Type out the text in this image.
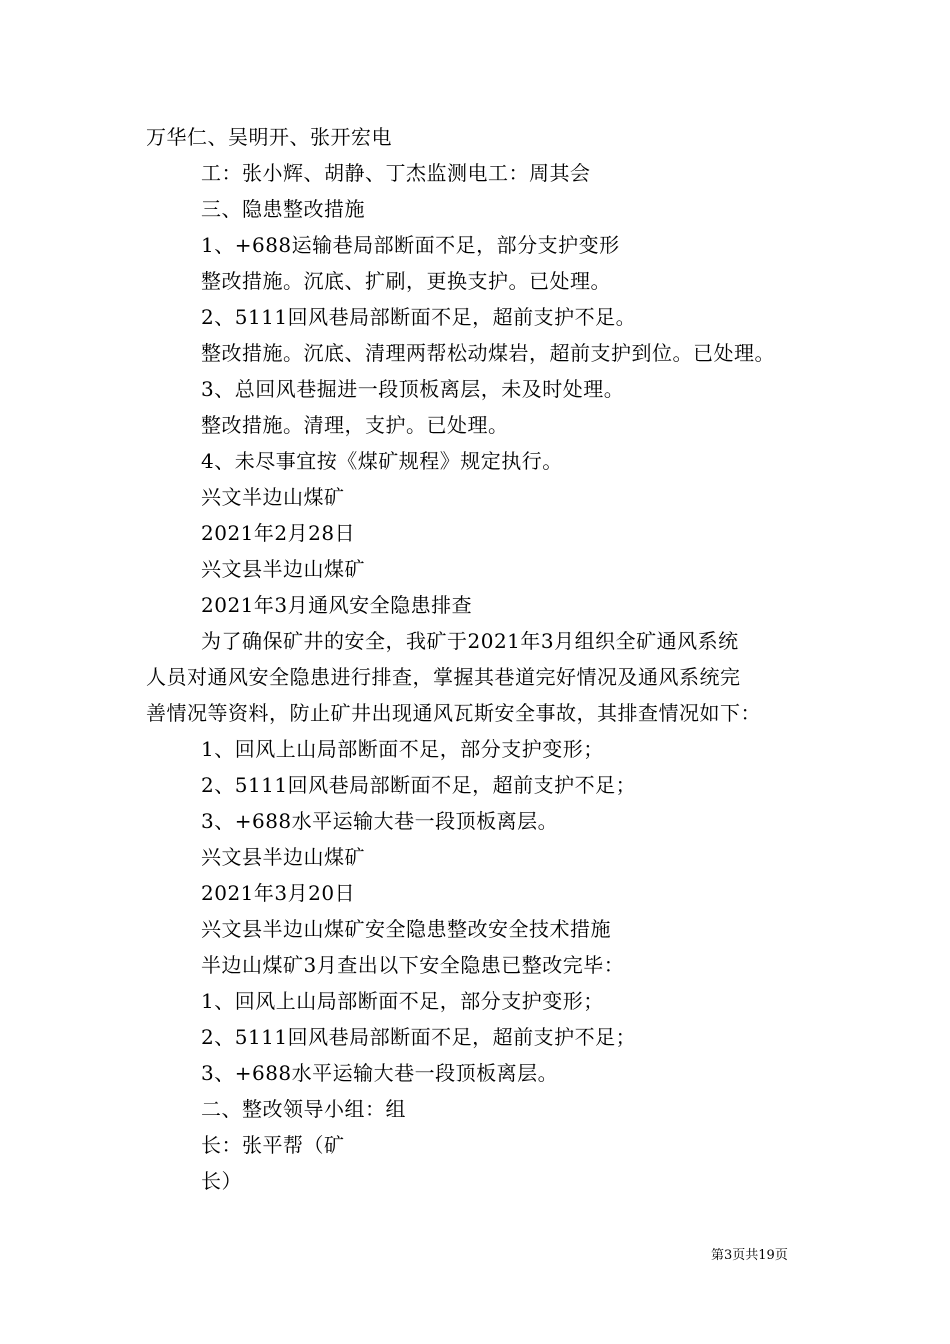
万华仁、吴明开、张开宏电
工：张小辉、胡静、丁杰监测电工：周其会
三、隐患整改措施
1、+688运输巷局部断面不足，部分支护变形
整改措施。沉底、扩刷，更换支护。已处理。
2、5111回风巷局部断面不足，超前支护不足。
整改措施。沉底、清理两帮松动煤岩，超前支护到位。已处理。
3、总回风巷掘进一段顶板离层，未及时处理。
整改措施。清理，支护。已处理。
4、未尽事宜按《煤矿规程》规定执行。
兴文半边山煤矿
2021年2月28日
兴文县半边山煤矿
2021年3月通风安全隐患排查
为了确保矿井的安全，我矿于2021年3月组织全矿通风系统
人员对通风安全隐患进行排查，掌握其巷道完好情况及通风系统完
善情况等资料，防止矿井出现通风瓦斯安全事故，其排查情况如下：
1、回风上山局部断面不足，部分支护变形；
2、5111回风巷局部断面不足，超前支护不足；
3、+688水平运输大巷一段顶板离层。
兴文县半边山煤矿
2021年3月20日
兴文县半边山煤矿安全隐患整改安全技术措施
半边山煤矿3月查出以下安全隐患已整改完毕：
1、回风上山局部断面不足，部分支护变形；
2、5111回风巷局部断面不足，超前支护不足；
3、+688水平运输大巷一段顶板离层。
二、整改领导小组：组
长：张平帮（矿
长）
第3页共19页
